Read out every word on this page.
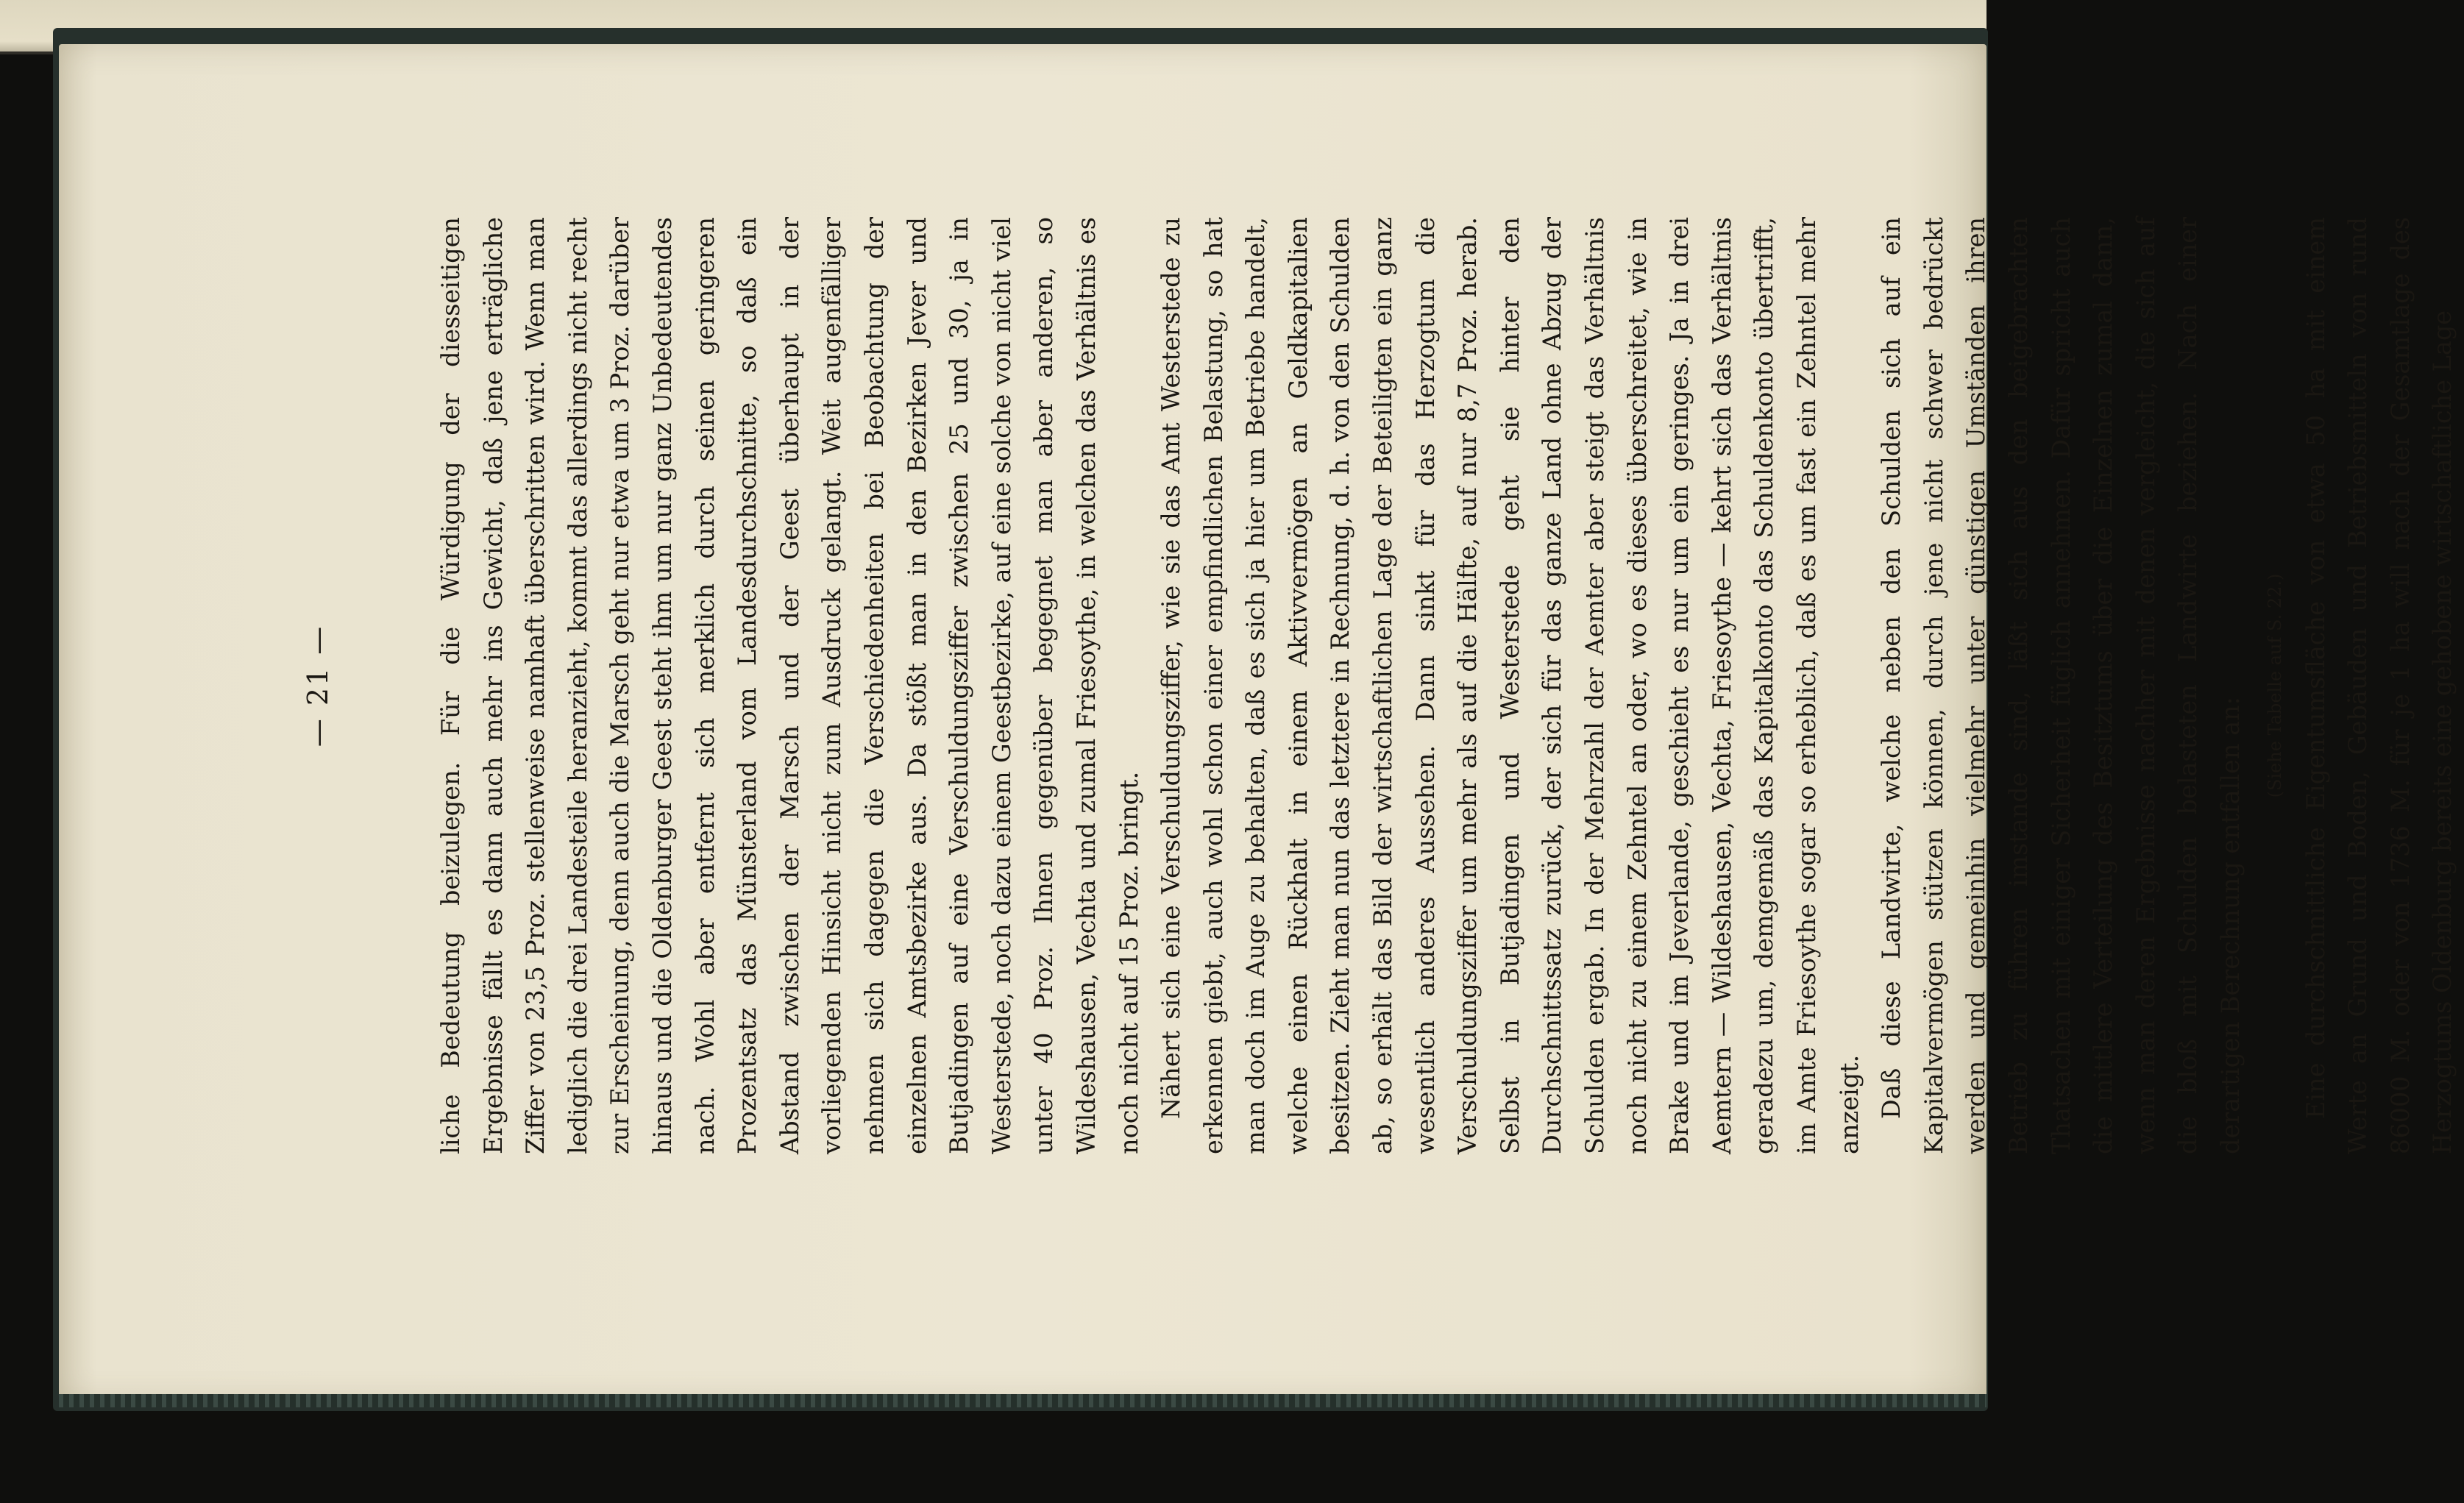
— 21 —	liche Bedeutung beizulegen. Für die Würdigung der diesseitigen Ergebnisse fällt es dann auch mehr ins Gewicht, daß jene erträgliche Ziffer von 23,5 Proz. stellenweise namhaft überschritten wird. Wenn man lediglich die drei Landesteile heranzieht, kommt das allerdings nicht recht zur Erscheinung, denn auch die Marsch geht nur etwa um 3 Proz. darüber hinaus und die Oldenburger Geest steht ihm um nur ganz Unbedeutendes nach. Wohl aber entfernt sich merklich durch seinen geringeren Prozentsatz das Münsterland vom Landesdurchschnitte, so daß ein Abstand zwischen der Marsch und der Geest überhaupt in der vorliegenden Hinsicht nicht zum Ausdruck gelangt. Weit augenfälliger nehmen sich dagegen die Verschiedenheiten bei Beobachtung der einzelnen Amtsbezirke aus. Da stößt man in den Bezirken Jever und Butjadingen auf eine Verschuldungsziffer zwischen 25 und 30, ja in Westerstede, noch dazu einem Geestbezirke, auf eine solche von nicht viel unter 40 Proz. Ihnen gegenüber begegnet man aber anderen, so Wildeshausen, Vechta und zumal Friesoythe, in welchen das Verhältnis es noch nicht auf 15 Proz. bringt. Nähert sich eine Verschuldungsziffer, wie sie das Amt Westerstede zu erkennen giebt, auch wohl schon einer empfindlichen Belastung, so hat man doch im Auge zu behalten, daß es sich ja hier um Betriebe handelt, welche einen Rückhalt in einem Aktivvermögen an Geldkapitalien besitzen. Zieht man nun das letztere in Rechnung, d. h. von den Schulden ab, so erhält das Bild der wirtschaftlichen Lage der Beteiligten ein ganz wesentlich anderes Aussehen. Dann sinkt für das Herzogtum die Verschuldungsziffer um mehr als auf die Hälfte, auf nur 8,7 Proz. herab. Selbst in Butjadingen und Westerstede geht sie hinter den Durchschnittssatz zurück, der sich für das ganze Land ohne Abzug der Schulden ergab. In der Mehrzahl der Aemter aber steigt das Verhältnis noch nicht zu einem Zehntel an oder, wo es dieses überschreitet, wie in Brake und im Jeverlande, geschieht es nur um ein geringes. Ja in drei Aemtern — Wildeshausen, Vechta, Friesoythe — kehrt sich das Verhältnis geradezu um, demgemäß das Kapitalkonto das Schuldenkonto übertrifft, im Amte Friesoythe sogar so erheblich, daß es um fast ein Zehntel mehr anzeigt. Daß diese Landwirte, welche neben den Schulden sich auf ein Kapitalvermögen stützen können, durch jene nicht schwer bedrückt werden und gemeinhin vielmehr unter günstigen Umständen ihren Betrieb zu führen imstande sind, läßt sich aus den beigebrachten Thatsachen mit einiger Sicherheit füglich annehmen. Dafür spricht auch die mittlere Verteilung des Besitztums über die Einzelnen zumal dann, wenn man deren Ergebnisse nachher mit denen vergleicht, die sich auf die bloß mit Schulden belasteten Landwirte beziehen. Nach einer derartigen Berechnung entfallen an:

(Siehe Tabelle auf S. 22.) Eine durchschnittliche Eigentumsfläche von etwa 50 ha mit einem Werte an Grund und Boden, Gebäuden und Betriebsmitteln von rund 86000 M. oder von 1736 M. für je 1 ha will nach der Gesamtlage des Herzogtums Oldenburg bereits eine gehobene wirtschaftliche Lage
